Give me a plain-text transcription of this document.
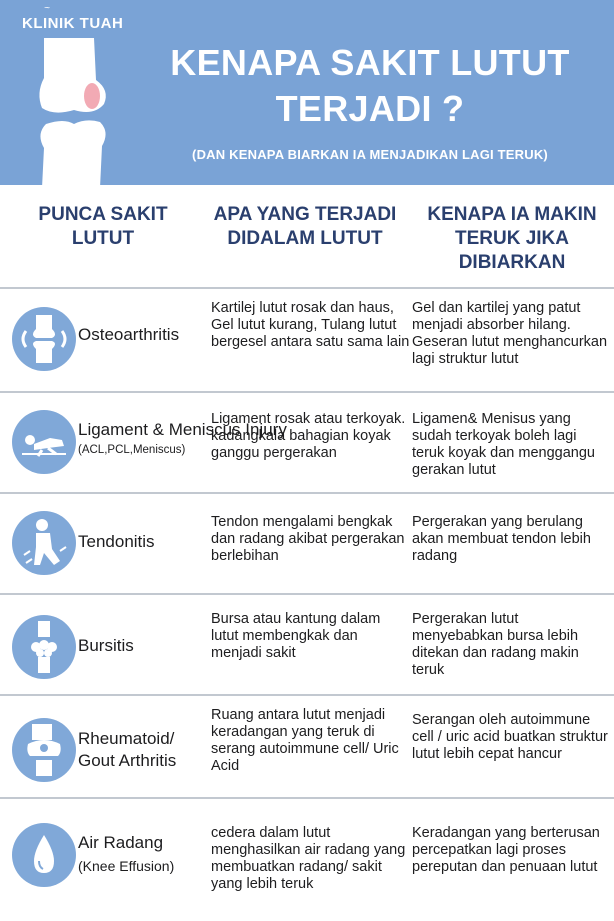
~
KLINIK TUAH
KENAPA SAKIT LUTUT
TERJADI ?
(DAN KENAPA BIARKAN IA MENJADIKAN LAGI TERUK)
PUNCA SAKIT LUTUT
APA YANG TERJADI DIDALAM LUTUT
KENAPA IA MAKIN TERUK JIKA DIBIARKAN
Osteoarthritis
Kartilej lutut rosak dan haus, Gel lutut kurang, Tulang lutut bergesel antara satu sama lain
Gel dan kartilej yang patut menjadi absorber hilang. Geseran lutut menghancurkan lagi struktur lutut
Ligament & Meniscus Injury
(ACL,PCL,Meniscus)
Ligament rosak atau terkoyak. kadangkala bahagian koyak ganggu pergerakan
Ligamen& Menisus yang sudah terkoyak boleh lagi teruk koyak dan menggangu gerakan lutut
Tendonitis
Tendon mengalami bengkak dan radang akibat pergerakan berlebihan
Pergerakan yang berulang akan membuat tendon lebih radang
Bursitis
Bursa atau kantung dalam lutut membengkak dan menjadi sakit
Pergerakan lutut menyebabkan bursa lebih ditekan dan radang makin teruk
Rheumatoid/ Gout Arthritis
Ruang antara lutut menjadi keradangan yang teruk di serang autoimmune cell/ Uric Acid
Serangan oleh autoimmune cell / uric acid buatkan struktur lutut lebih cepat hancur
Air Radang
(Knee Effusion)
cedera dalam lutut menghasilkan air radang yang membuatkan radang/ sakit yang lebih teruk
Keradangan yang berterusan percepatkan lagi proses pereputan dan penuaan lutut
